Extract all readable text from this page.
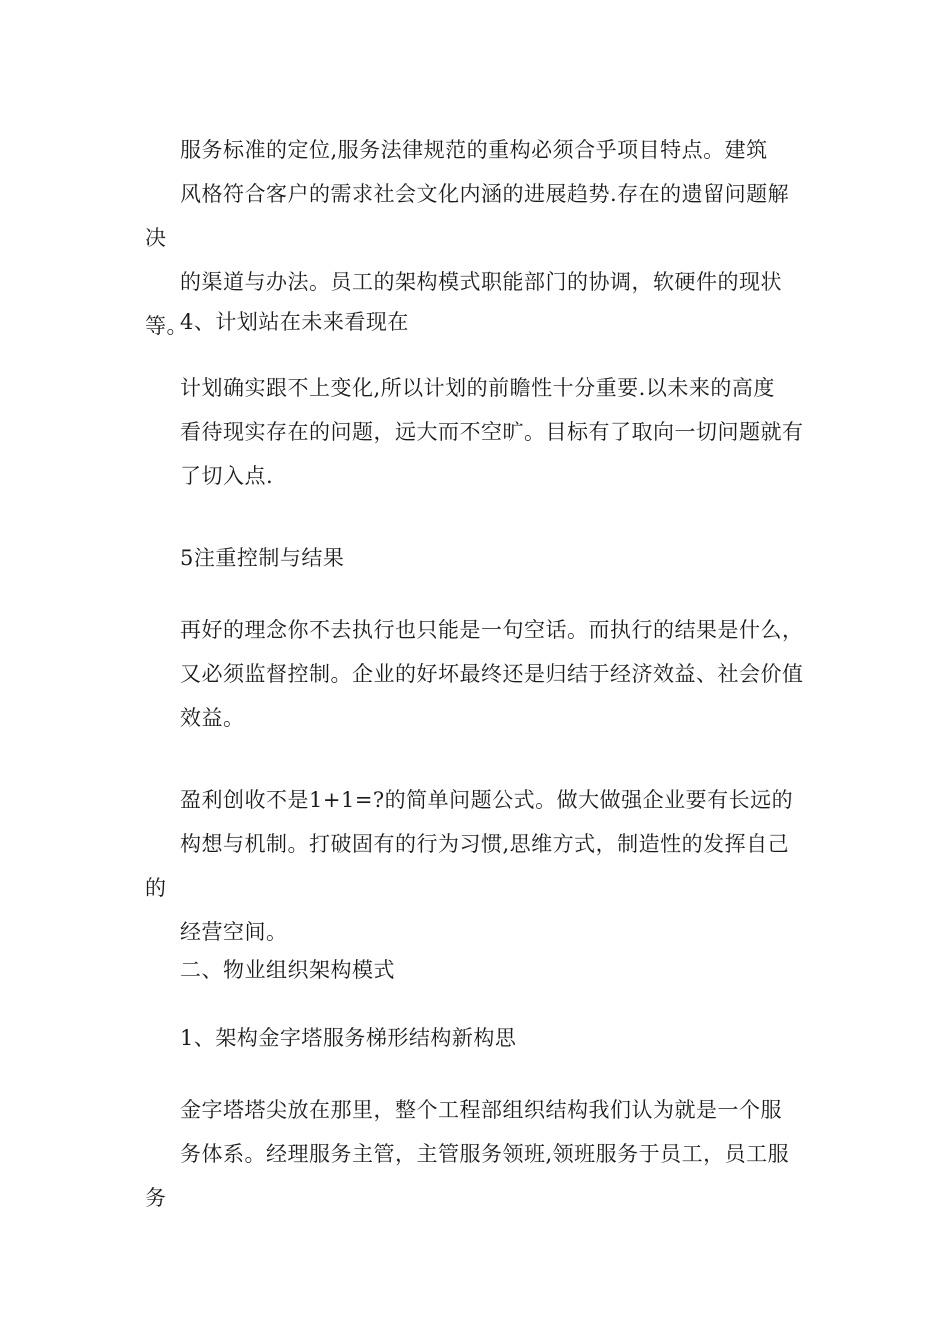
服务标准的定位,服务法律规范的重构必须合乎项目特点。建筑
风格符合客户的需求社会文化内涵的进展趋势.存在的遗留问题解决
的渠道与办法。员工的架构模式职能部门的协调，软硬件的现状等。

4、计划站在未来看现在

计划确实跟不上变化,所以计划的前瞻性十分重要.以未来的高度
看待现实存在的问题，远大而不空旷。目标有了取向一切问题就有
了切入点.

5注重控制与结果

再好的理念你不去执行也只能是一句空话。而执行的结果是什么，
又必须监督控制。企业的好坏最终还是归结于经济效益、社会价值
效益。

盈利创收不是1+1=?的简单问题公式。做大做强企业要有长远的
构想与机制。打破固有的行为习惯,思维方式，制造性的发挥自己的
经营空间。

二、物业组织架构模式

1、架构金字塔服务梯形结构新构思

金字塔塔尖放在那里，整个工程部组织结构我们认为就是一个服
务体系。经理服务主管，主管服务领班,领班服务于员工，员工服务
